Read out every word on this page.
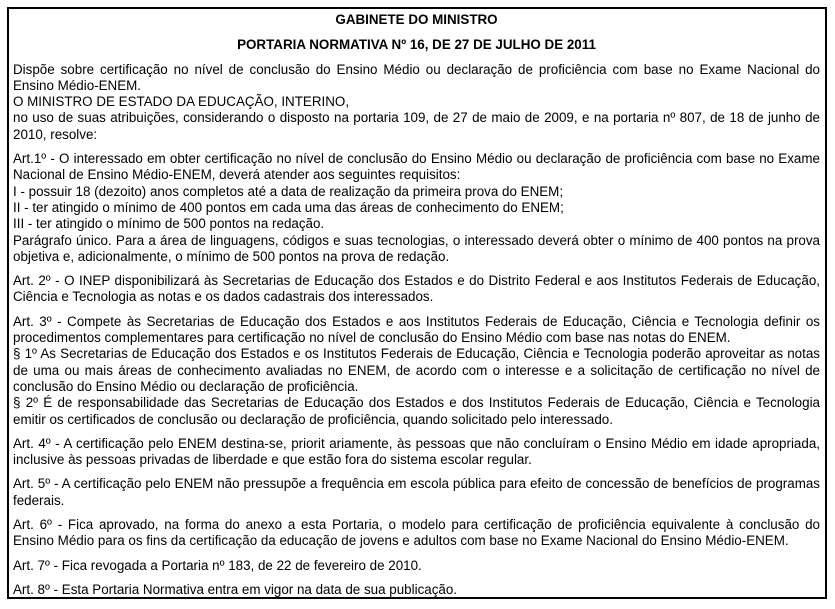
GABINETE DO MINISTRO
PORTARIA NORMATIVA Nº 16, DE 27 DE JULHO DE 2011
Dispõe sobre certificação no nível de conclusão do Ensino Médio ou declaração de proficiência com base no Exame Nacional do Ensino Médio-ENEM.
O MINISTRO DE ESTADO DA EDUCAÇÃO, INTERINO,
no uso de suas atribuições, considerando o disposto na portaria 109, de 27 de maio de 2009, e na portaria nº 807, de 18 de junho de 2010, resolve:
Art.1º - O interessado em obter certificação no nível de conclusão do Ensino Médio ou declaração de proficiência com base no Exame Nacional de Ensino Médio-ENEM, deverá atender aos seguintes requisitos:
I - possuir 18 (dezoito) anos completos até a data de realização da primeira prova do ENEM;
II - ter atingido o mínimo de 400 pontos em cada uma das áreas de conhecimento do ENEM;
III - ter atingido o mínimo de 500 pontos na redação.
Parágrafo único. Para a área de linguagens, códigos e suas tecnologias, o interessado deverá obter o mínimo de 400 pontos na prova objetiva e, adicionalmente, o mínimo de 500 pontos na prova de redação.
Art. 2º - O INEP disponibilizará às Secretarias de Educação dos Estados e do Distrito Federal e aos Institutos Federais de Educação, Ciência e Tecnologia as notas e os dados cadastrais dos interessados.
Art. 3º - Compete às Secretarias de Educação dos Estados e aos Institutos Federais de Educação, Ciência e Tecnologia definir os procedimentos complementares para certificação no nível de conclusão do Ensino Médio com base nas notas do ENEM.
§ 1º As Secretarias de Educação dos Estados e os Institutos Federais de Educação, Ciência e Tecnologia poderão aproveitar as notas de uma ou mais áreas de conhecimento avaliadas no ENEM, de acordo com o interesse e a solicitação de certificação no nível de conclusão do Ensino Médio ou declaração de proficiência.
§ 2º É de responsabilidade das Secretarias de Educação dos Estados e dos Institutos Federais de Educação, Ciência e Tecnologia emitir os certificados de conclusão ou declaração de proficiência, quando solicitado pelo interessado.
Art. 4º - A certificação pelo ENEM destina-se, priorit ariamente, às pessoas que não concluíram o Ensino Médio em idade apropriada, inclusive às pessoas privadas de liberdade e que estão fora do sistema escolar regular.
Art. 5º - A certificação pelo ENEM não pressupõe a frequência em escola pública para efeito de concessão de benefícios de programas federais.
Art. 6º - Fica aprovado, na forma do anexo a esta Portaria, o modelo para certificação de proficiência equivalente à conclusão do Ensino Médio para os fins da certificação da educação de jovens e adultos com base no Exame Nacional do Ensino Médio-ENEM.
Art. 7º - Fica revogada a Portaria nº 183, de 22 de fevereiro de 2010.
Art. 8º - Esta Portaria Normativa entra em vigor na data de sua publicação.
